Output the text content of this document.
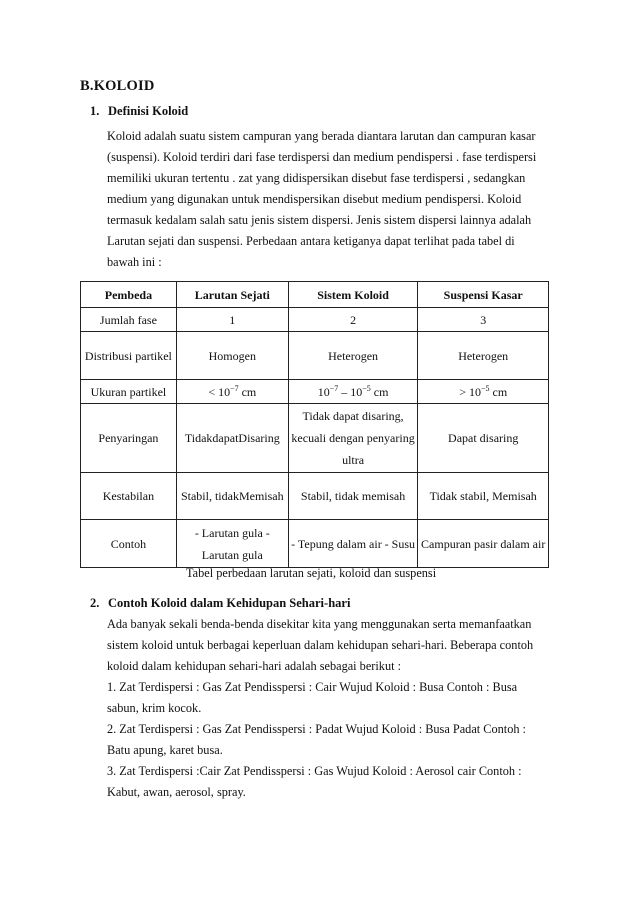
B.KOLOID
1. Definisi Koloid
Koloid adalah suatu sistem campuran yang berada diantara larutan dan campuran kasar
(suspensi). Koloid terdiri dari fase terdispersi dan medium pendispersi . fase terdispersi
memiliki ukuran tertentu . zat yang didispersikan disebut fase terdispersi , sedangkan
medium yang digunakan untuk mendispersikan disebut medium pendispersi. Koloid
termasuk kedalam salah satu jenis sistem dispersi. Jenis sistem dispersi lainnya adalah
Larutan sejati dan suspensi. Perbedaan antara ketiganya dapat terlihat pada tabel di
bawah ini :
Pembeda	Larutan Sejati	Sistem Koloid	Suspensi Kasar
Jumlah fase	1	2	3
Distribusi partikel	Homogen	Heterogen	Heterogen
Ukuran partikel	< $10^{-7}$ cm	$10^{-7} - 10^{-5}$ cm	> $10^{-5}$ cm
Penyaringan	TidakdapatDisaring	Tidak dapat disaring, kecuali dengan penyaring ultra	Dapat disaring
Kestabilan	Stabil, tidakMemisah	Stabil, tidak memisah	Tidak stabil, Memisah
Contoh	- Larutan gula - Larutan gula	- Tepung dalam air - Susu	Campuran pasir dalam air
Tabel perbedaan larutan sejati, koloid dan suspensi
2. Contoh Koloid dalam Kehidupan Sehari-hari
Ada banyak sekali benda-benda disekitar kita yang menggunakan serta memanfaatkan
sistem koloid untuk berbagai keperluan dalam kehidupan sehari-hari. Beberapa contoh
koloid dalam kehidupan sehari-hari adalah sebagai berikut :
1. Zat Terdispersi : Gas Zat Pendisspersi : Cair Wujud Koloid : Busa Contoh : Busa
sabun, krim kocok.
2. Zat Terdispersi : Gas Zat Pendisspersi : Padat Wujud Koloid : Busa Padat Contoh :
Batu apung, karet busa.
3. Zat Terdispersi :Cair Zat Pendisspersi : Gas Wujud Koloid : Aerosol cair Contoh :
Kabut, awan, aerosol, spray.
